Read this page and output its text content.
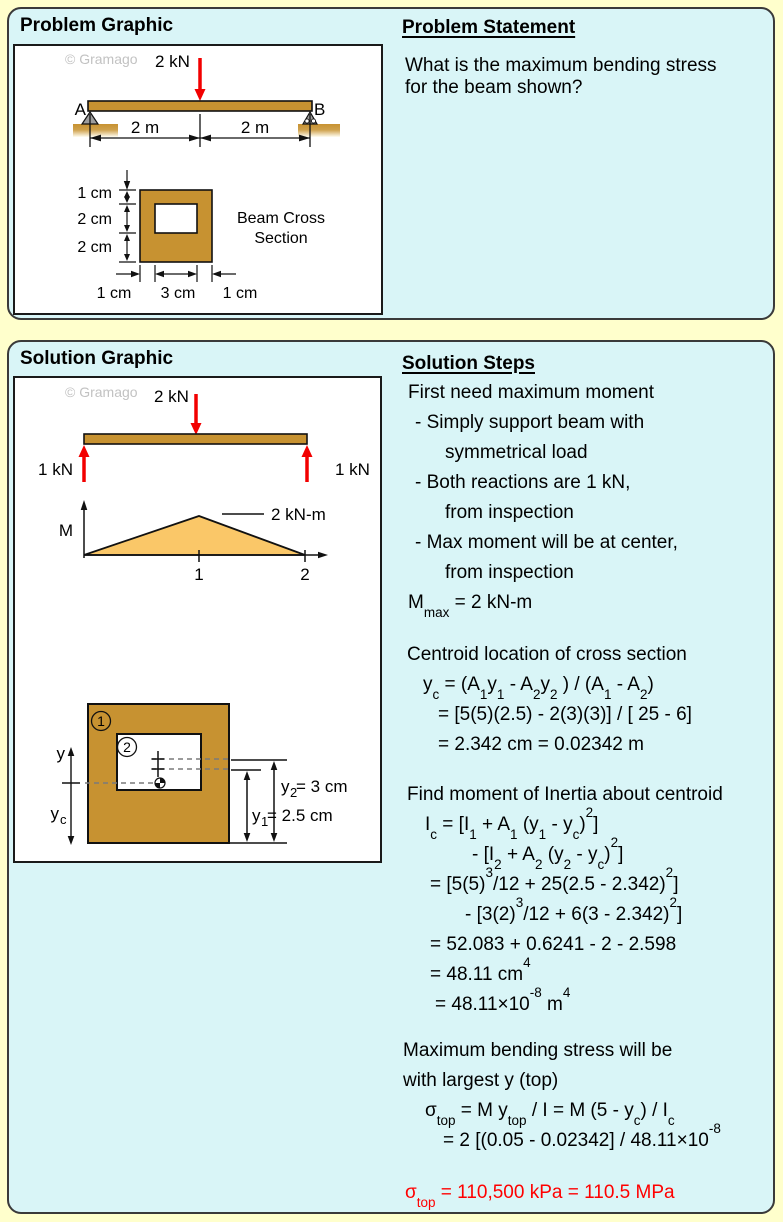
Problem Graphic
© Gramago 2 kN
A	B
2 m	2 m
1 cm
2 cm
2 cm
1 cm 3 cm 1 cm
Beam Cross
Section
Problem Statement

What is the maximum bending stress

for the beam shown?

Solution Graphic
© Gramago 2 kN
1 kN	1 kN
M
2 kN-m
1	2
1
2
y
y c
y 2
= 3 cm
y 1
= 2.5 cm
Solution Steps
First need maximum moment
- Simply support beam with
symmetrical load
- Both reactions are 1 kN,
from inspection
- Max moment will be at center,
from inspection
$M_{max} = 2$ kN-m
Centroid location of cross section
$y_c = (A_1y_1 - A_2y_2$ ) / $(A_1 - A_2)$
= [5(5)(2.5) - 2(3)(3)] / [ 25 - 6]
= 2.342 cm = 0.02342 m
Find moment of Inertia about centroid
$I_c = [I_1 + A_1$ $(y_1 - y_c)^2$]
- [$I_2 + A_2$ $(y_2 - y_c)^2$]
= $[5(5)^3/12 + 25(2.5 - 2.342)^2]$
- $[3(2)^3/12 + 6(3 - 2.342)^2]$
= 52.083 + 0.6241 - 2 - 2.598
= 48.11 $cm^4$
= $48.11\times 10^{-8}$ $m^4$
Maximum bending stress will be
with largest y (top)
$\sigma_{top} = M$ $y_{top} / I = M$ $(5 - y_c) / I_c$
= 2 [$(0.05 - 0.02342] / 48.11\times 10^{-8}$
$\sigma_{top} = 110,500$ kPa = 110.5 MPa
